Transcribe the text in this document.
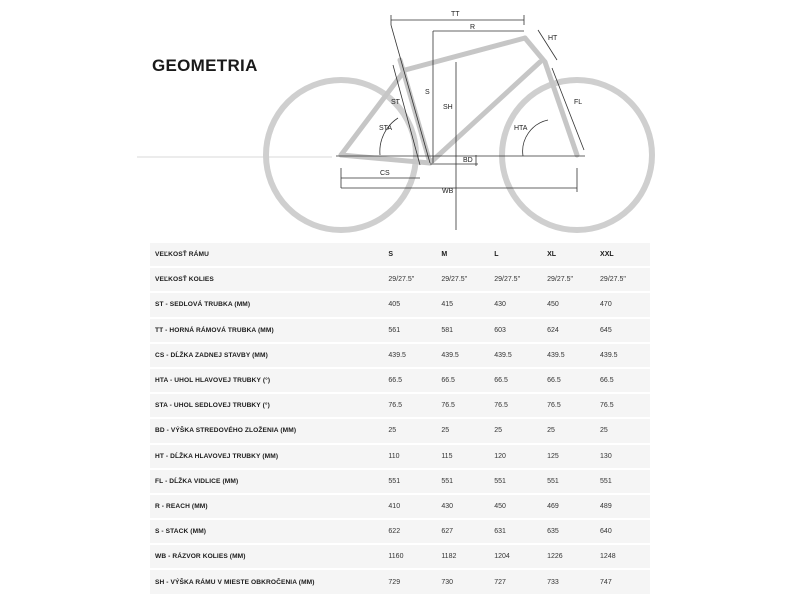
GEOMETRIA
TT
R
HT
S
ST
SH
STA
FL
HTA
BD
CS
WB
VEĽKOSŤ RÁMU	S	M	L	XL	XXL
VEĽKOSŤ KOLIES	29/27.5"	29/27.5"	29/27.5"	29/27.5"	29/27.5"
ST - SEDLOVÁ TRUBKA (MM)	405	415	430	450	470
TT - HORNÁ RÁMOVÁ TRUBKA (MM)	561	581	603	624	645
CS - DĹŽKA ZADNEJ STAVBY (MM)	439.5	439.5	439.5	439.5	439.5
HTA - UHOL HLAVOVEJ TRUBKY (°)	66.5	66.5	66.5	66.5	66.5
STA - UHOL SEDLOVEJ TRUBKY (°)	76.5	76.5	76.5	76.5	76.5
BD - VÝŠKA STREDOVÉHO ZLOŽENIA (MM)	25	25	25	25	25
HT - DĹŽKA HLAVOVEJ TRUBKY (MM)	110	115	120	125	130
FL - DĹŽKA VIDLICE (MM)	551	551	551	551	551
R - REACH (MM)	410	430	450	469	489
S - STACK (MM)	622	627	631	635	640
WB - RÁZVOR KOLIES (MM)	1160	1182	1204	1226	1248
SH - VÝŠKA RÁMU V MIESTE OBKROČENIA (MM)	729	730	727	733	747
